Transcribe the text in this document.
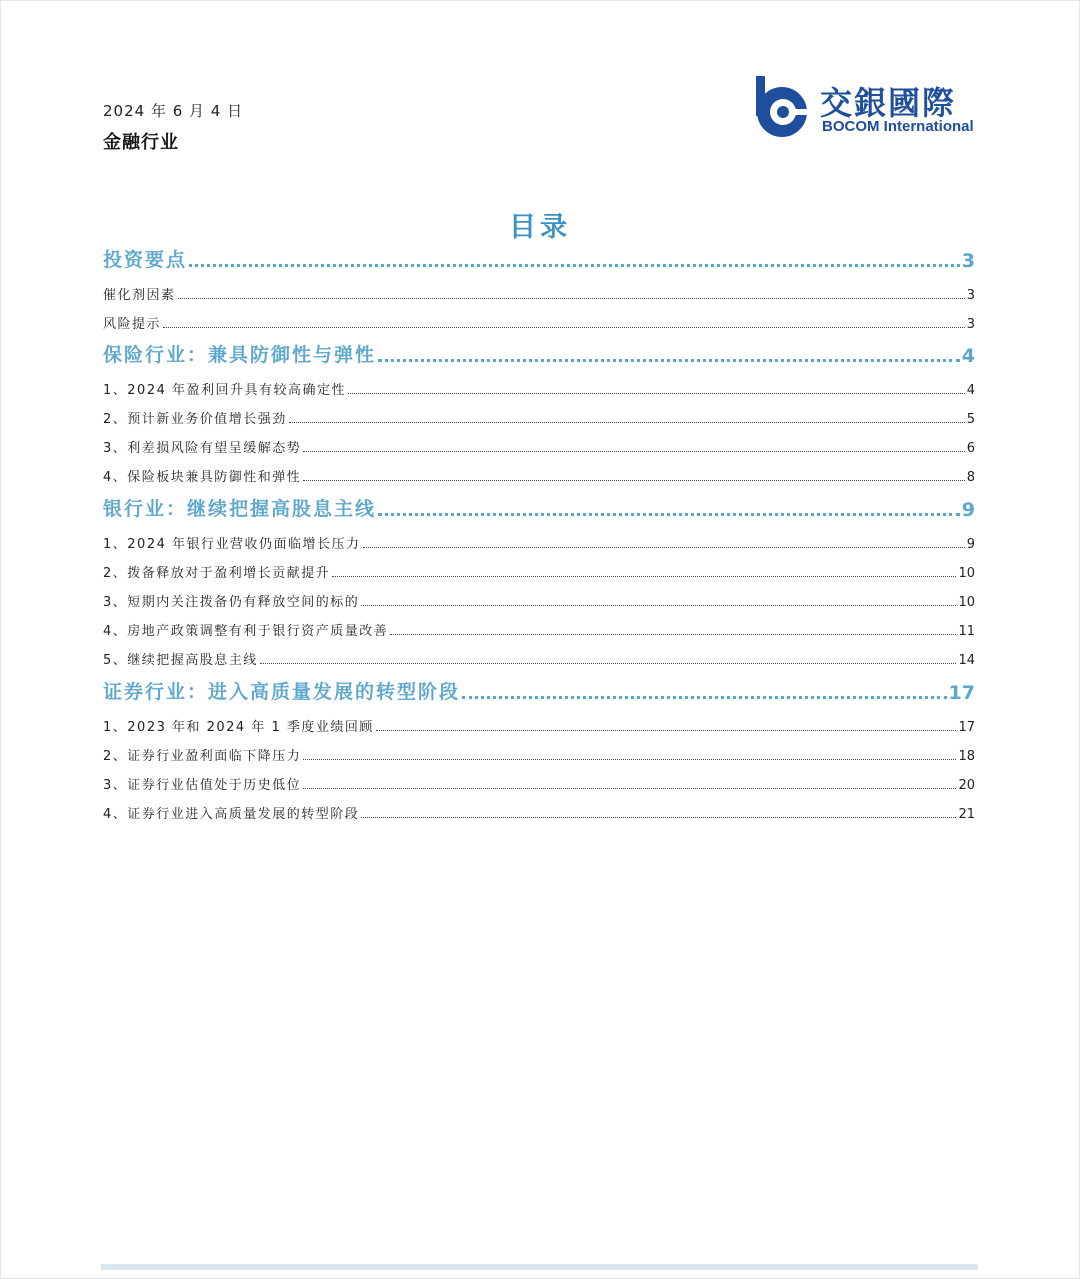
2024 年 6 月 4 日
金融行业
交銀國際
BOCOM International
目录
投资要点	3
催化剂因素	3
风险提示	3
保险行业：兼具防御性与弹性	4
1、2024 年盈利回升具有较高确定性	4
2、预计新业务价值增长强劲	5
3、利差损风险有望呈缓解态势	6
4、保险板块兼具防御性和弹性	8
银行业：继续把握高股息主线	9
1、2024 年银行业营收仍面临增长压力	9
2、拨备释放对于盈利增长贡献提升	10
3、短期内关注拨备仍有释放空间的标的	10
4、房地产政策调整有利于银行资产质量改善	11
5、继续把握高股息主线	14
证券行业：进入高质量发展的转型阶段	17
1、2023 年和 2024 年 1 季度业绩回顾	17
2、证券行业盈利面临下降压力	18
3、证券行业估值处于历史低位	20
4、证券行业进入高质量发展的转型阶段	21
